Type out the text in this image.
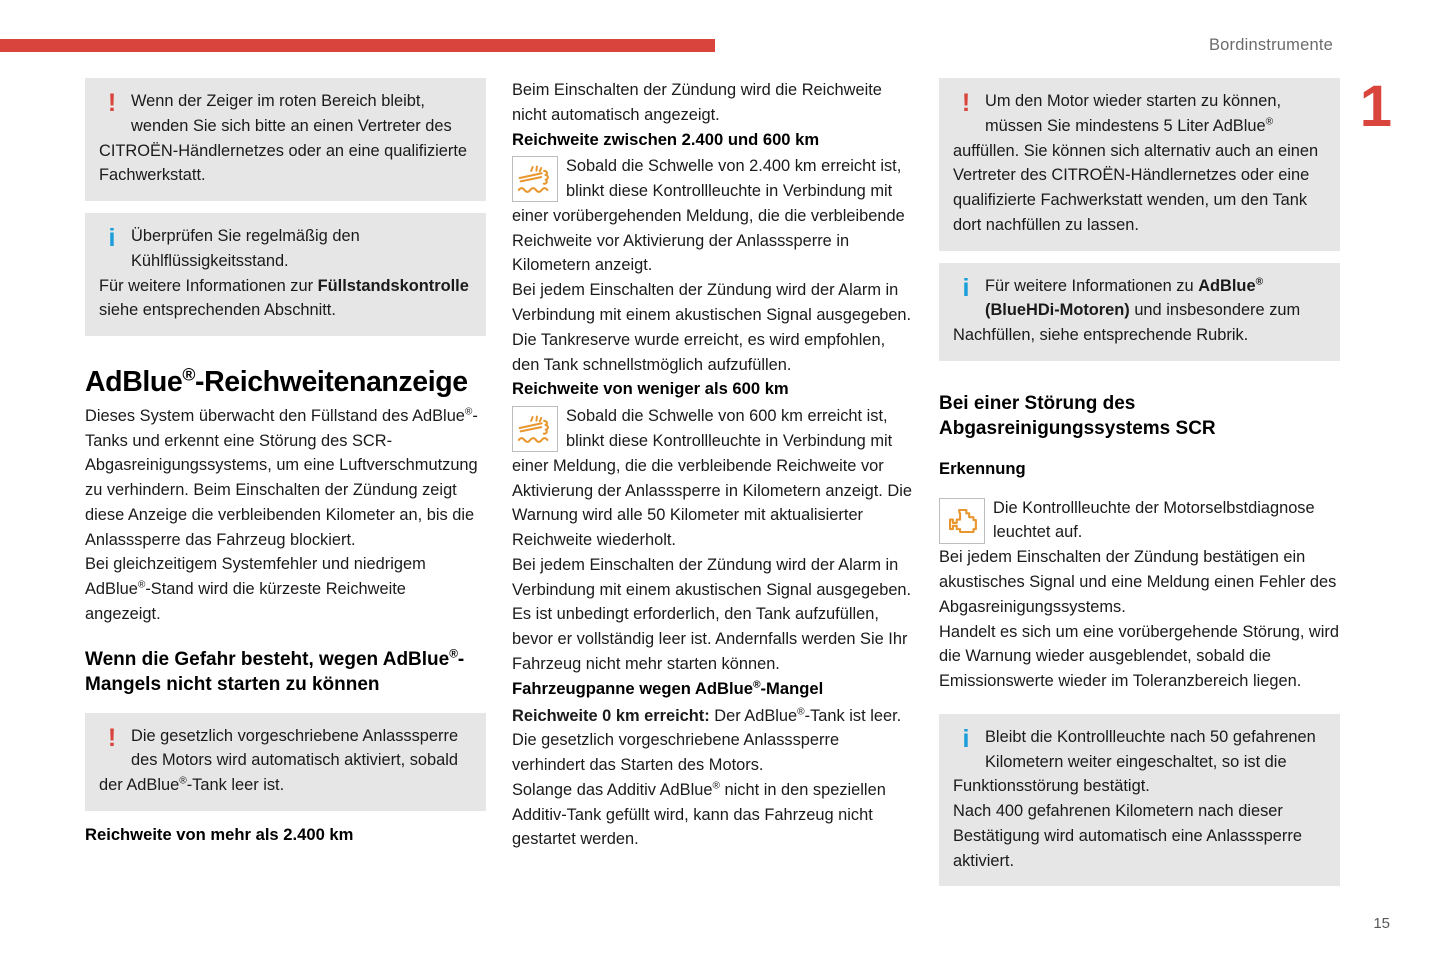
Bordinstrumente
1
! Wenn der Zeiger im roten Bereich bleibt, wenden Sie sich bitte an einen Vertreter des CITROËN-Händlernetzes oder an eine qualifizierte Fachwerkstatt.
i Überprüfen Sie regelmäßig den Kühlflüssigkeitsstand.
Für weitere Informationen zur Füllstandskontrolle siehe entsprechenden Abschnitt.
AdBlue®-Reichweitenanzeige

Dieses System überwacht den Füllstand des AdBlue®-Tanks und erkennt eine Störung des SCR-Abgasreinigungssystems, um eine Luftverschmutzung zu verhindern. Beim Einschalten der Zündung zeigt diese Anzeige die verbleibenden Kilometer an, bis die Anlasssperre das Fahrzeug blockiert.

Bei gleichzeitigem Systemfehler und niedrigem AdBlue®-Stand wird die kürzeste Reichweite angezeigt.

Wenn die Gefahr besteht, wegen AdBlue®-Mangels nicht starten zu können
! Die gesetzlich vorgeschriebene Anlasssperre des Motors wird automatisch aktiviert, sobald der AdBlue®-Tank leer ist.
Reichweite von mehr als 2.400 km

Beim Einschalten der Zündung wird die Reichweite nicht automatisch angezeigt.

Reichweite zwischen 2.400 und 600 km
Sobald die Schwelle von 2.400 km erreicht ist, blinkt diese Kontrollleuchte in Verbindung mit einer vorübergehenden Meldung, die die verbleibende Reichweite vor Aktivierung der Anlasssperre in Kilometern anzeigt.

Bei jedem Einschalten der Zündung wird der Alarm in Verbindung mit einem akustischen Signal ausgegeben.

Die Tankreserve wurde erreicht, es wird empfohlen, den Tank schnellstmöglich aufzufüllen.

Reichweite von weniger als 600 km
Sobald die Schwelle von 600 km erreicht ist, blinkt diese Kontrollleuchte in Verbindung mit einer Meldung, die die verbleibende Reichweite vor Aktivierung der Anlasssperre in Kilometern anzeigt. Die Warnung wird alle 50 Kilometer mit aktualisierter Reichweite wiederholt.

Bei jedem Einschalten der Zündung wird der Alarm in Verbindung mit einem akustischen Signal ausgegeben.

Es ist unbedingt erforderlich, den Tank aufzufüllen, bevor er vollständig leer ist. Andernfalls werden Sie Ihr Fahrzeug nicht mehr starten können.

Fahrzeugpanne wegen AdBlue®-Mangel

Reichweite 0 km erreicht: Der AdBlue®-Tank ist leer. Die gesetzlich vorgeschriebene Anlasssperre verhindert das Starten des Motors.

Solange das Additiv AdBlue® nicht in den speziellen Additiv-Tank gefüllt wird, kann das Fahrzeug nicht gestartet werden.

! Um den Motor wieder starten zu können, müssen Sie mindestens 5 Liter AdBlue® auffüllen. Sie können sich alternativ auch an einen Vertreter des CITROËN-Händlernetzes oder eine qualifizierte Fachwerkstatt wenden, um den Tank dort nachfüllen zu lassen.
i Für weitere Informationen zu AdBlue® (BlueHDi-Motoren) und insbesondere zum Nachfüllen, siehe entsprechende Rubrik.
Bei einer Störung des Abgasreinigungssystems SCR
Erkennung
Die Kontrollleuchte der Motorselbstdiagnose leuchtet auf.

Bei jedem Einschalten der Zündung bestätigen ein akustisches Signal und eine Meldung einen Fehler des Abgasreinigungssystems.

Handelt es sich um eine vorübergehende Störung, wird die Warnung wieder ausgeblendet, sobald die Emissionswerte wieder im Toleranzbereich liegen.

i Bleibt die Kontrollleuchte nach 50 gefahrenen Kilometern weiter eingeschaltet, so ist die Funktionsstörung bestätigt.
Nach 400 gefahrenen Kilometern nach dieser Bestätigung wird automatisch eine Anlasssperre aktiviert.
15
